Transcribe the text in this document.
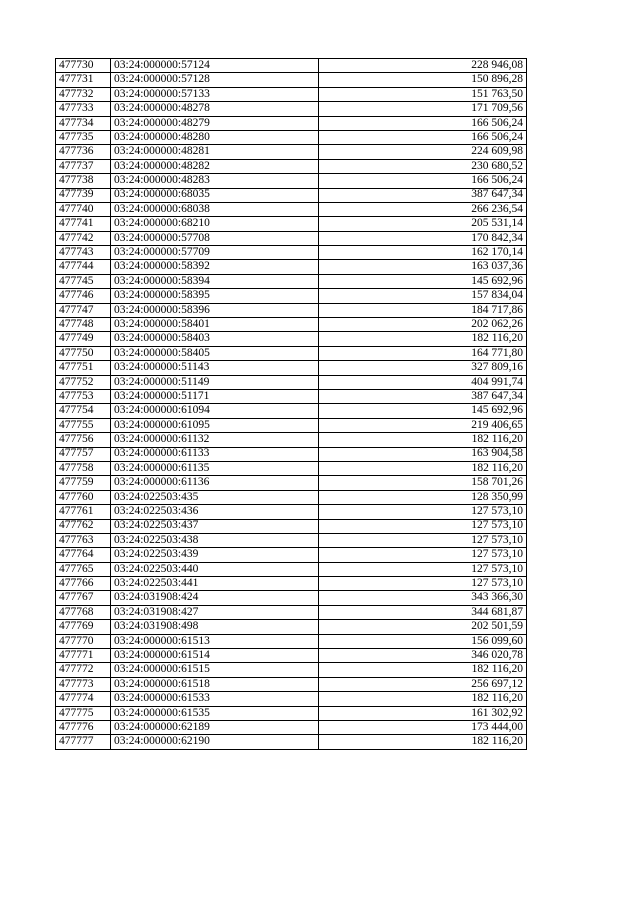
477730	03:24:000000:57124	228 946,08
477731	03:24:000000:57128	150 896,28
477732	03:24:000000:57133	151 763,50
477733	03:24:000000:48278	171 709,56
477734	03:24:000000:48279	166 506,24
477735	03:24:000000:48280	166 506,24
477736	03:24:000000:48281	224 609,98
477737	03:24:000000:48282	230 680,52
477738	03:24:000000:48283	166 506,24
477739	03:24:000000:68035	387 647,34
477740	03:24:000000:68038	266 236,54
477741	03:24:000000:68210	205 531,14
477742	03:24:000000:57708	170 842,34
477743	03:24:000000:57709	162 170,14
477744	03:24:000000:58392	163 037,36
477745	03:24:000000:58394	145 692,96
477746	03:24:000000:58395	157 834,04
477747	03:24:000000:58396	184 717,86
477748	03:24:000000:58401	202 062,26
477749	03:24:000000:58403	182 116,20
477750	03:24:000000:58405	164 771,80
477751	03:24:000000:51143	327 809,16
477752	03:24:000000:51149	404 991,74
477753	03:24:000000:51171	387 647,34
477754	03:24:000000:61094	145 692,96
477755	03:24:000000:61095	219 406,65
477756	03:24:000000:61132	182 116,20
477757	03:24:000000:61133	163 904,58
477758	03:24:000000:61135	182 116,20
477759	03:24:000000:61136	158 701,26
477760	03:24:022503:435	128 350,99
477761	03:24:022503:436	127 573,10
477762	03:24:022503:437	127 573,10
477763	03:24:022503:438	127 573,10
477764	03:24:022503:439	127 573,10
477765	03:24:022503:440	127 573,10
477766	03:24:022503:441	127 573,10
477767	03:24:031908:424	343 366,30
477768	03:24:031908:427	344 681,87
477769	03:24:031908:498	202 501,59
477770	03:24:000000:61513	156 099,60
477771	03:24:000000:61514	346 020,78
477772	03:24:000000:61515	182 116,20
477773	03:24:000000:61518	256 697,12
477774	03:24:000000:61533	182 116,20
477775	03:24:000000:61535	161 302,92
477776	03:24:000000:62189	173 444,00
477777	03:24:000000:62190	182 116,20
